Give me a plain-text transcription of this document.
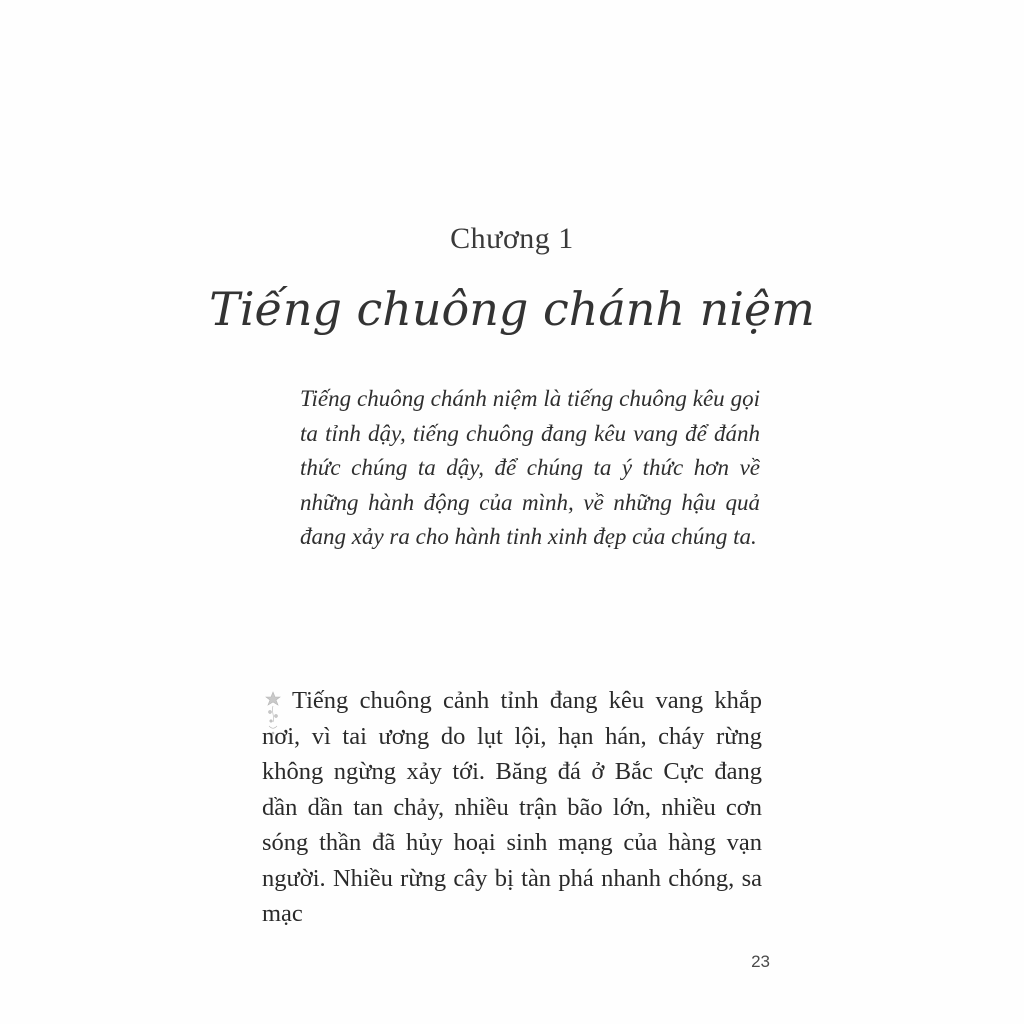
Chương 1
Tiếng chuông chánh niệm
Tiếng chuông chánh niệm là tiếng chuông kêu gọi ta tỉnh dậy, tiếng chuông đang kêu vang để đánh thức chúng ta dậy, để chúng ta ý thức hơn về những hành động của mình, về những hậu quả đang xảy ra cho hành tinh xinh đẹp của chúng ta.

Tiếng chuông cảnh tỉnh đang kêu vang khắp nơi, vì tai ương do lụt lội, hạn hán, cháy rừng không ngừng xảy tới. Băng đá ở Bắc Cực đang dần dần tan chảy, nhiều trận bão lớn, nhiều cơn sóng thần đã hủy hoại sinh mạng của hàng vạn người. Nhiều rừng cây bị tàn phá nhanh chóng, sa mạc

23
